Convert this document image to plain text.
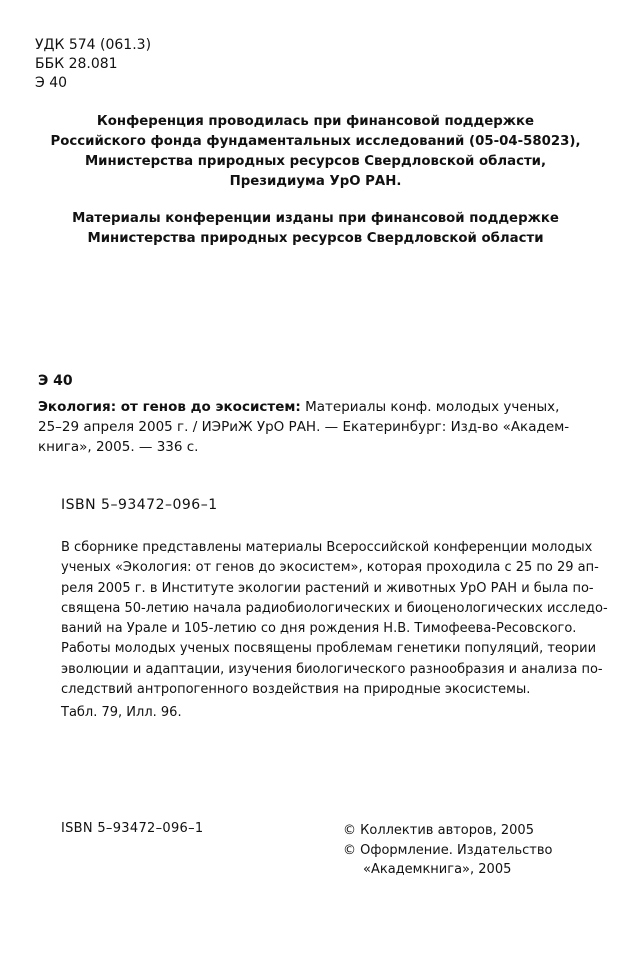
УДК 574 (061.3)
ББК 28.081
Э 40
Конференция проводилась при финансовой поддержке
Российского фонда фундаментальных исследований (05-04-58023),
Министерства природных ресурсов Свердловской области,
Президиума УрО РАН.
Материалы конференции изданы при финансовой поддержке
Министерства природных ресурсов Свердловской области
Э 40
Экология: от генов до экосистем: Материалы конф. молодых ученых,
25–29 апреля 2005 г. / ИЭРиЖ УрО РАН. — Екатеринбург: Изд-во «Академ-
книга», 2005. — 336 с.
ISBN 5–93472–096–1
В сборнике представлены материалы Всероссийской конференции молодых
ученых «Экология: от генов до экосистем», которая проходила с 25 по 29 ап-
реля 2005 г. в Институте экологии растений и животных УрО РАН и была по-
священа 50-летию начала радиобиологических и биоценологических исследо-
ваний на Урале и 105-летию со дня рождения Н.В. Тимофеева-Ресовского.
Работы молодых ученых посвящены проблемам генетики популяций, теории
эволюции и адаптации, изучения биологического разнообразия и анализа по-
следствий антропогенного воздействия на природные экосистемы.
Табл. 79, Илл. 96.
ISBN 5–93472–096–1	© Коллектив авторов, 2005
© Оформление. Издательство
«Академкнига», 2005
